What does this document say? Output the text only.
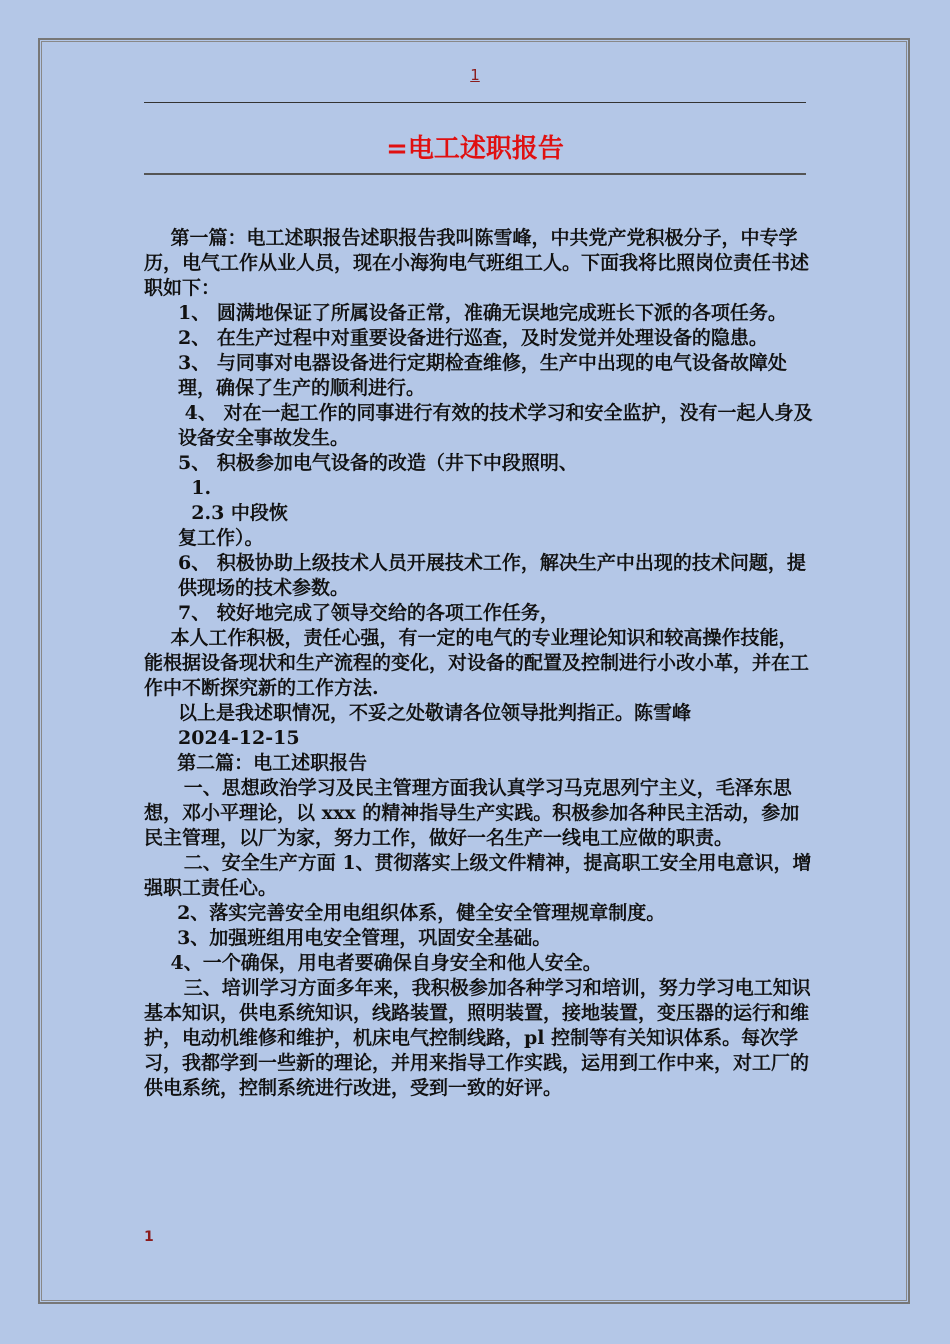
1
=电工述职报告

第一篇：电工述职报告述职报告我叫陈雪峰，中共党产党积极分子，中专学历，电气工作从业人员，现在小海狗电气班组工人。下面我将比照岗位责任书述职如下：

1、 圆满地保证了所属设备正常，准确无误地完成班长下派的各项任务。

2、 在生产过程中对重要设备进行巡查，及时发觉并处理设备的隐患。

3、 与同事对电器设备进行定期检查维修，生产中出现的电气设备故障处理，确保了生产的顺利进行。

4、 对在一起工作的同事进行有效的技术学习和安全监护，没有一起人身及设备安全事故发生。

5、 积极参加电气设备的改造（井下中段照明、

1.

2.3 中段恢

复工作）。

6、 积极协助上级技术人员开展技术工作，解决生产中出现的技术问题，提供现场的技术参数。

7、 较好地完成了领导交给的各项工作任务，

本人工作积极，责任心强，有一定的电气的专业理论知识和较高操作技能，能根据设备现状和生产流程的变化，对设备的配置及控制进行小改小革，并在工作中不断探究新的工作方法.

以上是我述职情况，不妥之处敬请各位领导批判指正。陈雪峰

2024-12-15

第二篇：电工述职报告

一、思想政治学习及民主管理方面我认真学习马克思列宁主义，毛泽东思想，邓小平理论，以 xxx 的精神指导生产实践。积极参加各种民主活动，参加民主管理，以厂为家，努力工作，做好一名生产一线电工应做的职责。

二、安全生产方面 1、贯彻落实上级文件精神，提高职工安全用电意识，增强职工责任心。

2、落实完善安全用电组织体系，健全安全管理规章制度。

3、加强班组用电安全管理，巩固安全基础。

4、一个确保，用电者要确保自身安全和他人安全。

三、培训学习方面多年来，我积极参加各种学习和培训，努力学习电工知识基本知识，供电系统知识，线路装置，照明装置，接地装置，变压器的运行和维护，电动机维修和维护，机床电气控制线路，pl 控制等有关知识体系。每次学习，我都学到一些新的理论，并用来指导工作实践，运用到工作中来，对工厂的供电系统，控制系统进行改进，受到一致的好评。

1
